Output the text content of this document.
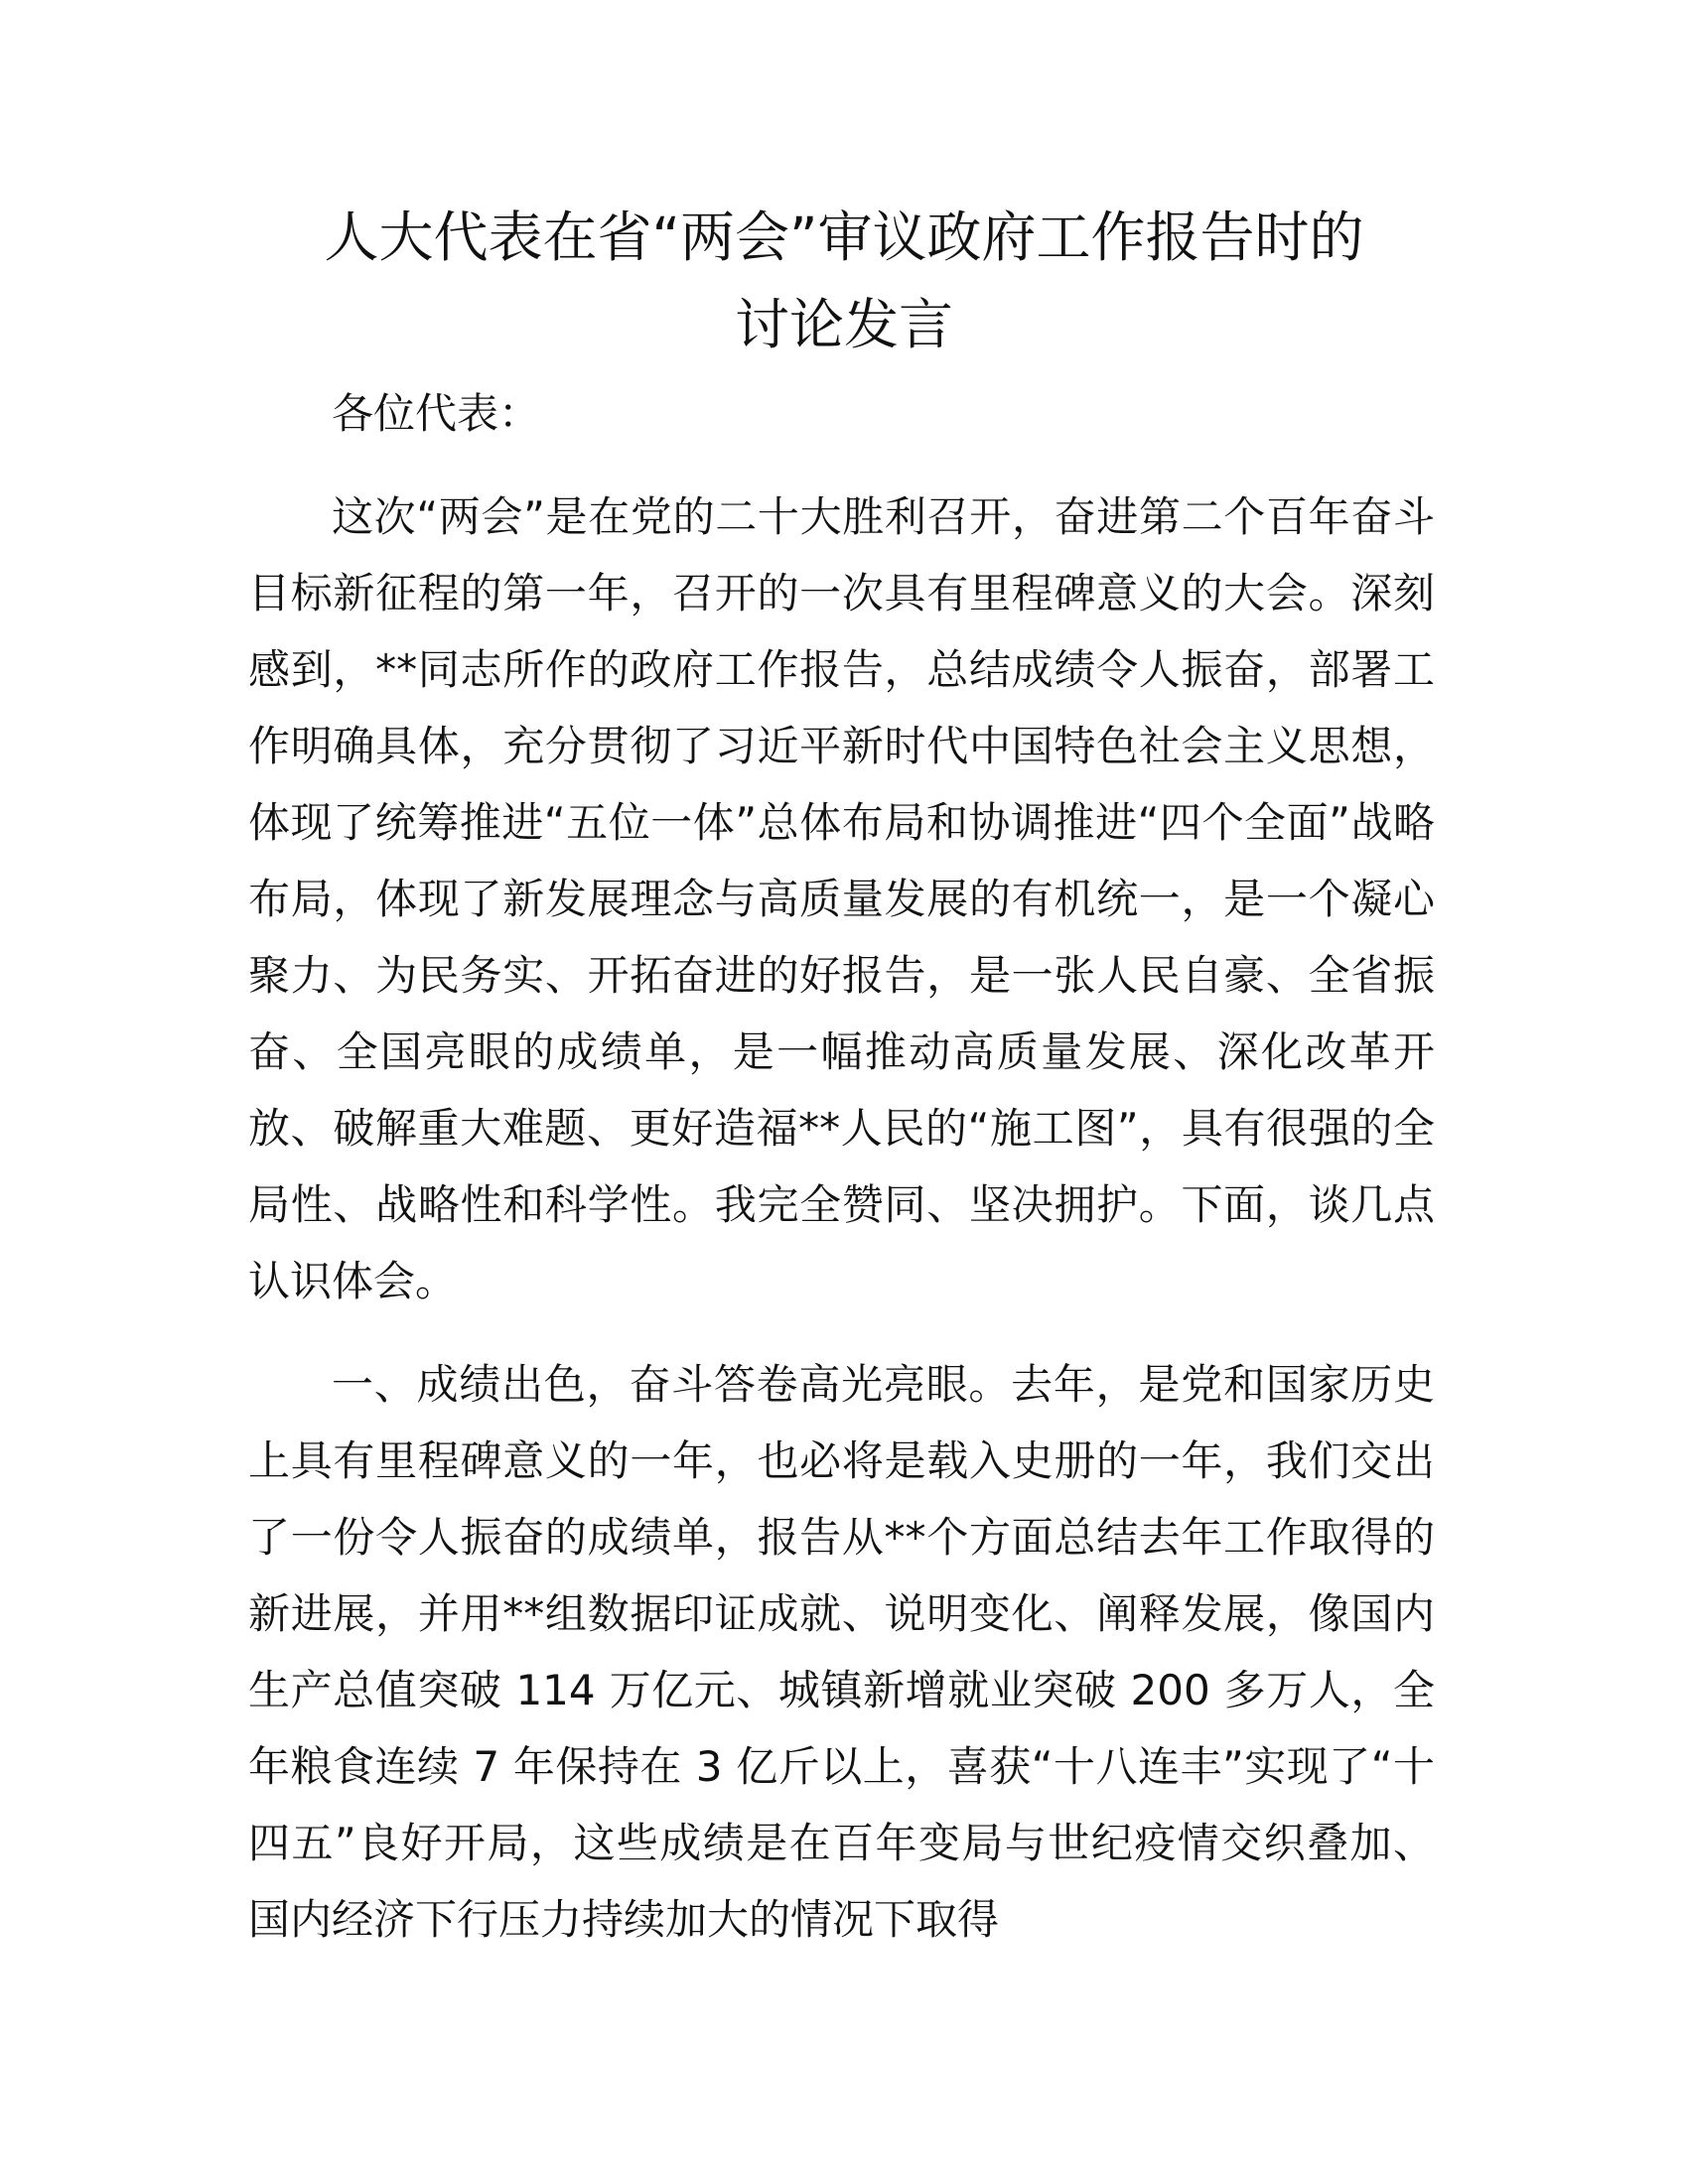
人大代表在省“两会”审议政府工作报告时的
讨论发言

各位代表：

这次“两会”是在党的二十大胜利召开，奋进第二个百年奋斗目标新征程的第一年，召开的一次具有里程碑意义的大会。深刻感到，**同志所作的政府工作报告，总结成绩令人振奋，部署工作明确具体，充分贯彻了习近平新时代中国特色社会主义思想，体现了统筹推进“五位一体”总体布局和协调推进“四个全面”战略布局，体现了新发展理念与高质量发展的有机统一，是一个凝心聚力、为民务实、开拓奋进的好报告，是一张人民自豪、全省振奋、全国亮眼的成绩单，是一幅推动高质量发展、深化改革开放、破解重大难题、更好造福**人民的“施工图”，具有很强的全局性、战略性和科学性。我完全赞同、坚决拥护。下面，谈几点认识体会。

一、成绩出色，奋斗答卷高光亮眼。去年，是党和国家历史上具有里程碑意义的一年，也必将是载入史册的一年，我们交出了一份令人振奋的成绩单，报告从**个方面总结去年工作取得的新进展，并用**组数据印证成就、说明变化、阐释发展，像国内生产总值突破 114 万亿元、城镇新增就业突破 200 多万人，全年粮食连续 7 年保持在 3 亿斤以上，喜获“十八连丰”实现了“十四五”良好开局，这些成绩是在百年变局与世纪疫情交织叠加、国内经济下行压力持续加大的情况下取得
